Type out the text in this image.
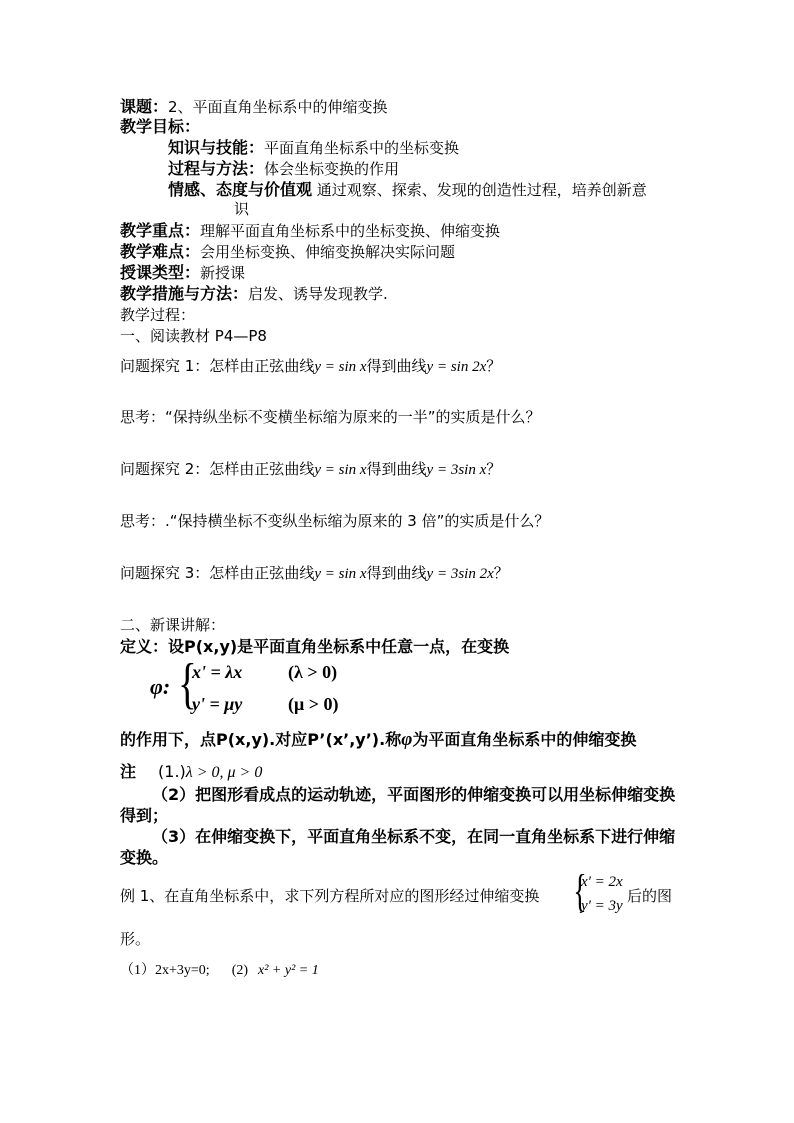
课题：2、平面直角坐标系中的伸缩变换
教学目标：
知识与技能：平面直角坐标系中的坐标变换
过程与方法：体会坐标变换的作用
情感、态度与价值观 通过观察、探索、发现的创造性过程，培养创新意
识
教学重点：理解平面直角坐标系中的坐标变换、伸缩变换
教学难点：会用坐标变换、伸缩变换解决实际问题
授课类型：新授课
教学措施与方法：启发、诱导发现教学.
教学过程：
一、阅读教材 P4—P8
问题探究 1：怎样由正弦曲线y = sin x得到曲线y = sin 2x？
思考：“保持纵坐标不变横坐标缩为原来的一半”的实质是什么？
问题探究 2：怎样由正弦曲线y = sin x得到曲线y = 3sin x？
思考：.“保持横坐标不变纵坐标缩为原来的 3 倍”的实质是什么？
问题探究 3：怎样由正弦曲线y = sin x得到曲线y = 3sin 2x？
二、新课讲解：
定义：设P(x,y)是平面直角坐标系中任意一点，在变换
φ: {
x' = λx	(λ > 0)
y' = μy	(μ > 0)
的作用下，点P(x,y).对应P’(x’,y’).称φ为平面直角坐标系中的伸缩变换
注 (1.)λ > 0, μ > 0
（2）把图形看成点的运动轨迹，平面图形的伸缩变换可以用坐标伸缩变换
得到；
（3）在伸缩变换下，平面直角坐标系不变，在同一直角坐标系下进行伸缩
变换。
例 1、在直角坐标系中，求下列方程所对应的图形经过伸缩变换 {
x' = 2x
y' = 3y
后的图
形。
（1）2x+3y=0; (2) x² + y² = 1
